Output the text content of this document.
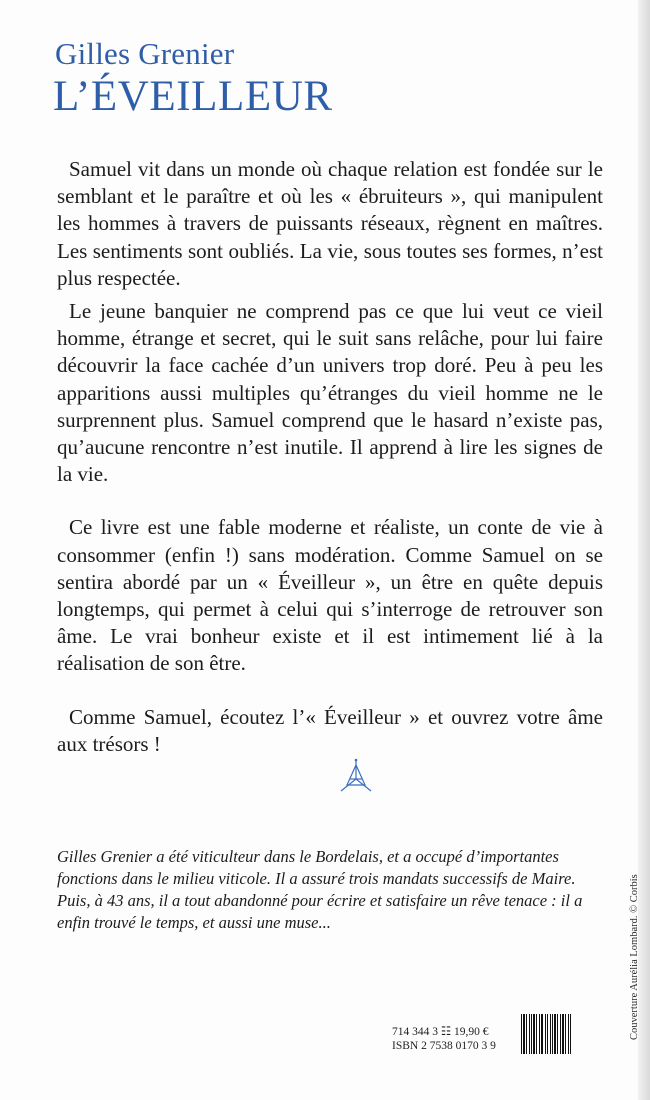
Gilles Grenier
L’ÉVEILLEUR

Samuel vit dans un monde où chaque relation est fondée sur le semblant et le paraître et où les « ébruiteurs », qui manipulent les hommes à travers de puissants réseaux, règnent en maîtres. Les sentiments sont oubliés. La vie, sous toutes ses formes, n’est plus respectée.

Le jeune banquier ne comprend pas ce que lui veut ce vieil homme, étrange et secret, qui le suit sans relâche, pour lui faire découvrir la face cachée d’un univers trop doré. Peu à peu les apparitions aussi multiples qu’étranges du vieil homme ne le surprennent plus. Samuel comprend que le hasard n’existe pas, qu’aucune rencontre n’est inutile. Il apprend à lire les signes de la vie.

Ce livre est une fable moderne et réaliste, un conte de vie à consommer (enfin !) sans modération. Comme Samuel on se sentira abordé par un « Éveilleur », un être en quête depuis longtemps, qui permet à celui qui s’interroge de retrouver son âme. Le vrai bonheur existe et il est intimement lié à la réalisation de son être.

Comme Samuel, écoutez l’« Éveilleur » et ouvrez votre âme aux trésors !

Gilles Grenier a été viticulteur dans le Bordelais, et a occupé d’importantes
fonctions dans le milieu viticole. Il a assuré trois mandats successifs de Maire.
Puis, à 43 ans, il a tout abandonné pour écrire et satisfaire un rêve tenace : il a
enfin trouvé le temps, et aussi une muse...	Couverture Aurélia Lombard. © Corbis
714 344 3 ☷ 19,90 €
ISBN 2 7538 0170 3 9
